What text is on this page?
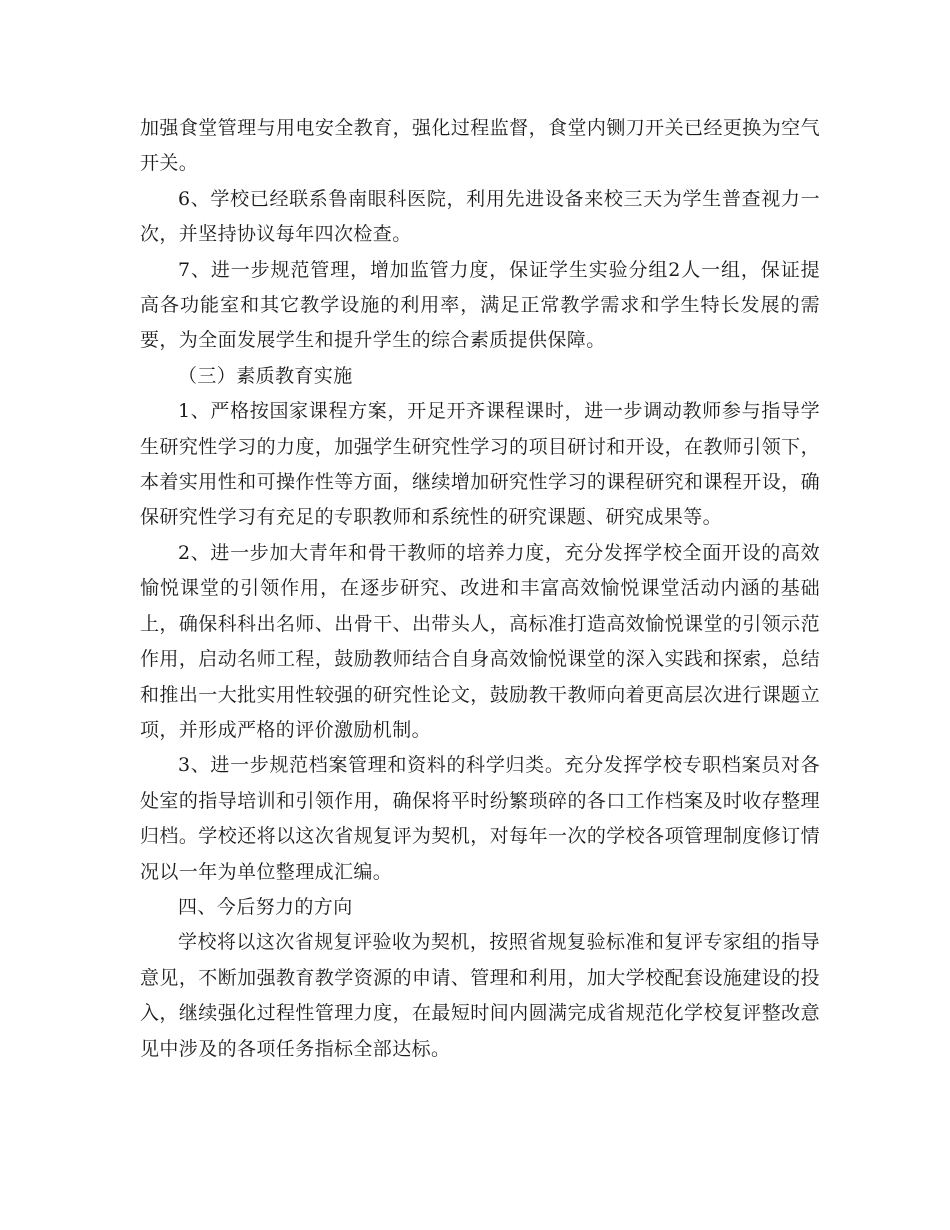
加强食堂管理与用电安全教育，强化过程监督，食堂内铡刀开关已经更换为空气开关。

6、学校已经联系鲁南眼科医院，利用先进设备来校三天为学生普查视力一次，并坚持协议每年四次检查。

7、进一步规范管理，增加监管力度，保证学生实验分组2人一组，保证提高各功能室和其它教学设施的利用率，满足正常教学需求和学生特长发展的需要，为全面发展学生和提升学生的综合素质提供保障。

（三）素质教育实施

1、严格按国家课程方案，开足开齐课程课时，进一步调动教师参与指导学生研究性学习的力度，加强学生研究性学习的项目研讨和开设，在教师引领下，本着实用性和可操作性等方面，继续增加研究性学习的课程研究和课程开设，确保研究性学习有充足的专职教师和系统性的研究课题、研究成果等。

2、进一步加大青年和骨干教师的培养力度，充分发挥学校全面开设的高效愉悦课堂的引领作用，在逐步研究、改进和丰富高效愉悦课堂活动内涵的基础上，确保科科出名师、出骨干、出带头人，高标准打造高效愉悦课堂的引领示范作用，启动名师工程，鼓励教师结合自身高效愉悦课堂的深入实践和探索，总结和推出一大批实用性较强的研究性论文，鼓励教干教师向着更高层次进行课题立项，并形成严格的评价激励机制。

3、进一步规范档案管理和资料的科学归类。充分发挥学校专职档案员对各处室的指导培训和引领作用，确保将平时纷繁琐碎的各口工作档案及时收存整理归档。学校还将以这次省规复评为契机，对每年一次的学校各项管理制度修订情况以一年为单位整理成汇编。

四、今后努力的方向

学校将以这次省规复评验收为契机，按照省规复验标准和复评专家组的指导意见，不断加强教育教学资源的申请、管理和利用，加大学校配套设施建设的投入，继续强化过程性管理力度，在最短时间内圆满完成省规范化学校复评整改意见中涉及的各项任务指标全部达标。
